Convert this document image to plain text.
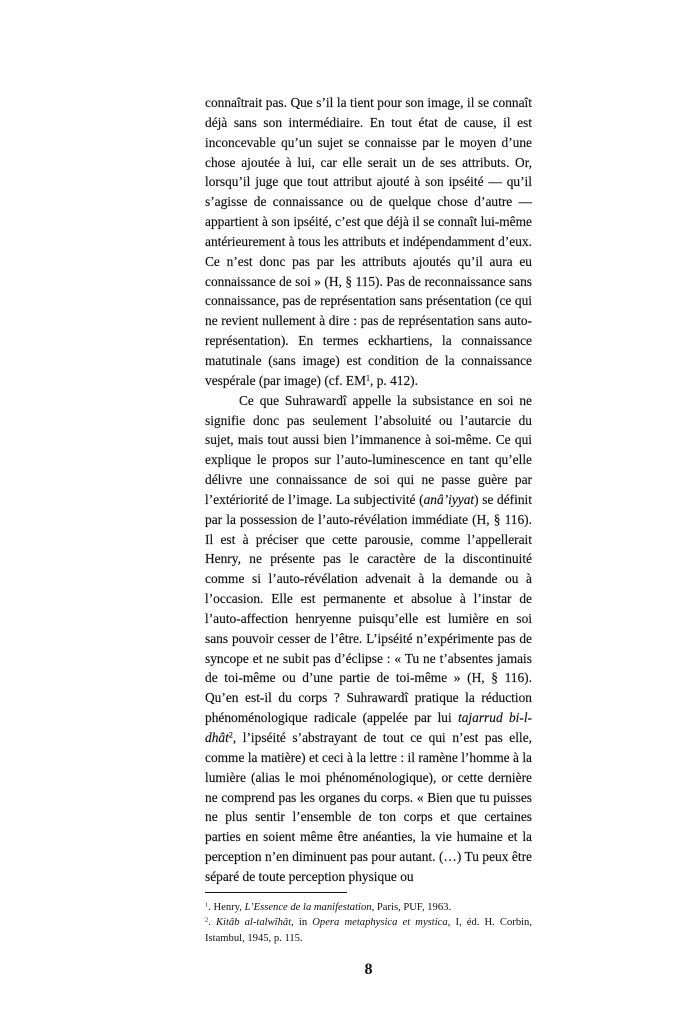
connaîtrait pas. Que s’il la tient pour son image, il se connaît déjà sans son intermédiaire. En tout état de cause, il est inconcevable qu’un sujet se connaisse par le moyen d’une chose ajoutée à lui, car elle serait un de ses attributs. Or, lorsqu’il juge que tout attribut ajouté à son ipséité — qu’il s’agisse de connaissance ou de quelque chose d’autre — appartient à son ipséité, c’est que déjà il se connaît lui-même antérieurement à tous les attributs et indépendamment d’eux. Ce n’est donc pas par les attributs ajoutés qu’il aura eu connaissance de soi » (H, § 115). Pas de reconnaissance sans connaissance, pas de représentation sans présentation (ce qui ne revient nullement à dire : pas de représentation sans auto-représentation). En termes eckhartiens, la connaissance matutinale (sans image) est condition de la connaissance vespérale (par image) (cf. $EM^1$, p. 412).

Ce que Suhrawardî appelle la subsistance en soi ne signifie donc pas seulement l’absoluité ou l’autarcie du sujet, mais tout aussi bien l’immanence à soi-même. Ce qui explique le propos sur l’auto-luminescence en tant qu’elle délivre une connaissance de soi qui ne passe guère par l’extériorité de l’image. La subjectivité (anâ’iyyat) se définit par la possession de l’auto-révélation immédiate (H, § 116). Il est à préciser que cette parousie, comme l’appellerait Henry, ne présente pas le caractère de la discontinuité comme si l’auto-révélation advenait à la demande ou à l’occasion. Elle est permanente et absolue à l’instar de l’auto-affection henryenne puisqu’elle est lumière en soi sans pouvoir cesser de l’être. L’ipséité n’expérimente pas de syncope et ne subit pas d’éclipse : « Tu ne t’absentes jamais de toi-même ou d’une partie de toi-même » (H, § 116). Qu’en est-il du corps ? Suhrawardî pratique la réduction phénoménologique radicale (appelée par lui tajarrud bi-l-dhât$^2$, l’ipséité s’abstrayant de tout ce qui n’est pas elle, comme la matière) et ceci à la lettre : il ramène l’homme à la lumière (alias le moi phénoménologique), or cette dernière ne comprend pas les organes du corps. « Bien que tu puisses ne plus sentir l’ensemble de ton corps et que certaines parties en soient même être anéanties, la vie humaine et la perception n’en diminuent pas pour autant. (…) Tu peux être séparé de toute perception physique ou

$^1$. Henry, L’Essence de la manifestation, Paris, PUF, 1963.

$^2$. Kitâb al-talwîhât, in Opera metaphysica et mystica, I, éd. H. Corbin, Istambul, 1945, p. 115.

8
